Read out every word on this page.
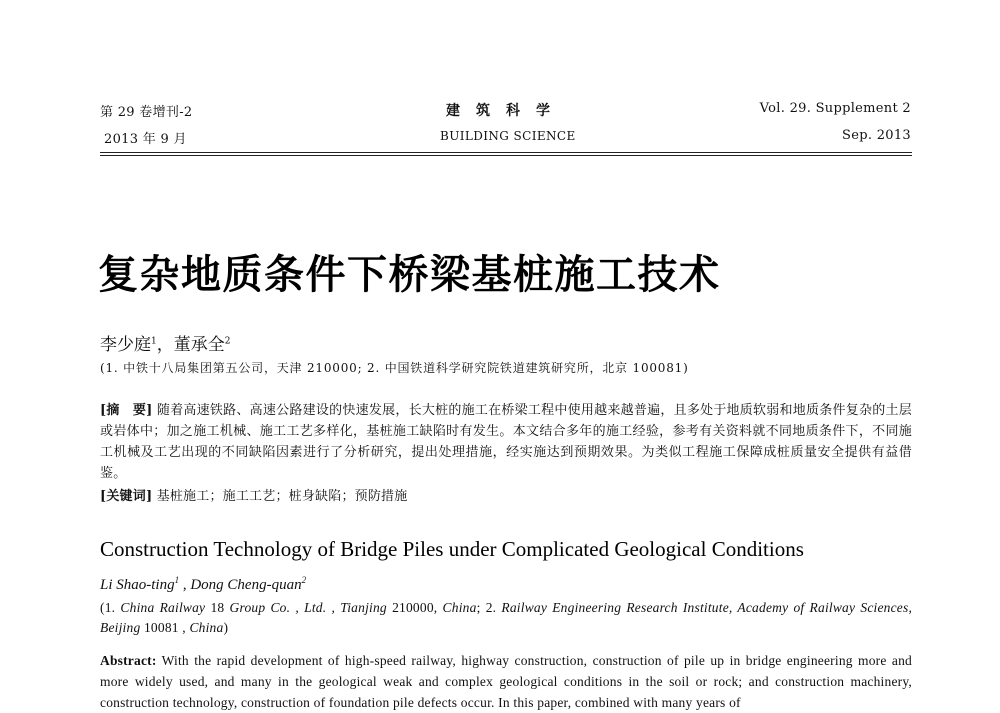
第 29 卷增刊-2
2013 年 9 月
建筑科学
BUILDING SCIENCE
Vol. 29. Supplement 2
Sep. 2013
复杂地质条件下桥梁基桩施工技术
李少庭$^1$，董承全$^2$
(1. 中铁十八局集团第五公司，天津 210000; 2. 中国铁道科学研究院铁道建筑研究所，北京 100081)
[摘　要] 随着高速铁路、高速公路建设的快速发展，长大桩的施工在桥梁工程中使用越来越普遍，且多处于地质软弱和地质条件复杂的土层或岩体中；加之施工机械、施工工艺多样化，基桩施工缺陷时有发生。本文结合多年的施工经验，参考有关资料就不同地质条件下，不同施工机械及工艺出现的不同缺陷因素进行了分析研究，提出处理措施，经实施达到预期效果。为类似工程施工保障成桩质量安全提供有益借鉴。
[关键词] 基桩施工；施工工艺；桩身缺陷；预防措施
Construction Technology of Bridge Piles under Complicated Geological Conditions
Li Shao-ting$^1$ , Dong Cheng-quan$^2$
(1. China Railway 18 Group Co. , Ltd. , Tianjing 210000, China; 2. Railway Engineering Research Institute, Academy of Railway Sciences, Beijing 10081 , China)
Abstract: With the rapid development of high-speed railway, highway construction, construction of pile up in bridge engineering more and more widely used, and many in the geological weak and complex geological conditions in the soil or rock; and construction machinery, construction technology, construction of foundation pile defects occur. In this paper, combined with many years of
